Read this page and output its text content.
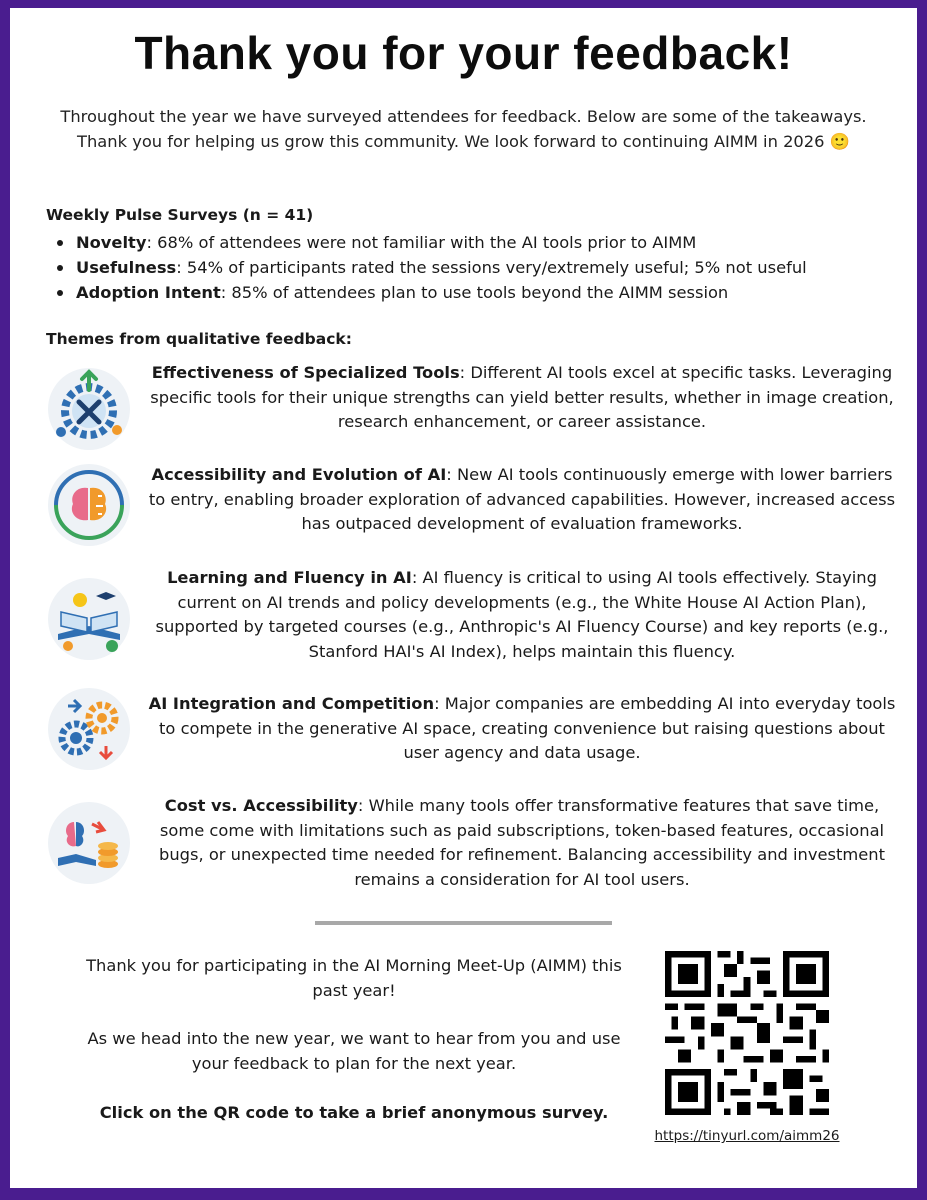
Thank you for your feedback!

Throughout the year we have surveyed attendees for feedback. Below are some of the takeaways. Thank you for helping us grow this community. We look forward to continuing AIMM in 2026 🙂

Weekly Pulse Surveys (n = 41)

Novelty: 68% of attendees were not familiar with the AI tools prior to AIMM
Usefulness: 54% of participants rated the sessions very/extremely useful; 5% not useful
Adoption Intent: 85% of attendees plan to use tools beyond the AIMM session

Themes from qualitative feedback:

Effectiveness of Specialized Tools: Different AI tools excel at specific tasks. Leveraging specific tools for their unique strengths can yield better results, whether in image creation, research enhancement, or career assistance.

Accessibility and Evolution of AI: New AI tools continuously emerge with lower barriers to entry, enabling broader exploration of advanced capabilities. However, increased access has outpaced development of evaluation frameworks.

Learning and Fluency in AI: AI fluency is critical to using AI tools effectively. Staying current on AI trends and policy developments (e.g., the White House AI Action Plan), supported by targeted courses (e.g., Anthropic's AI Fluency Course) and key reports (e.g., Stanford HAI's AI Index), helps maintain this fluency.

AI Integration and Competition: Major companies are embedding AI into everyday tools to compete in the generative AI space, creating convenience but raising questions about user agency and data usage.

Cost vs. Accessibility: While many tools offer transformative features that save time, some come with limitations such as paid subscriptions, token-based features, occasional bugs, or unexpected time needed for refinement. Balancing accessibility and investment remains a consideration for AI tool users.

Thank you for participating in the AI Morning Meet-Up (AIMM) this past year!

As we head into the new year, we want to hear from you and use your feedback to plan for the next year.

Click on the QR code to take a brief anonymous survey.

https://tinyurl.com/aimm26
